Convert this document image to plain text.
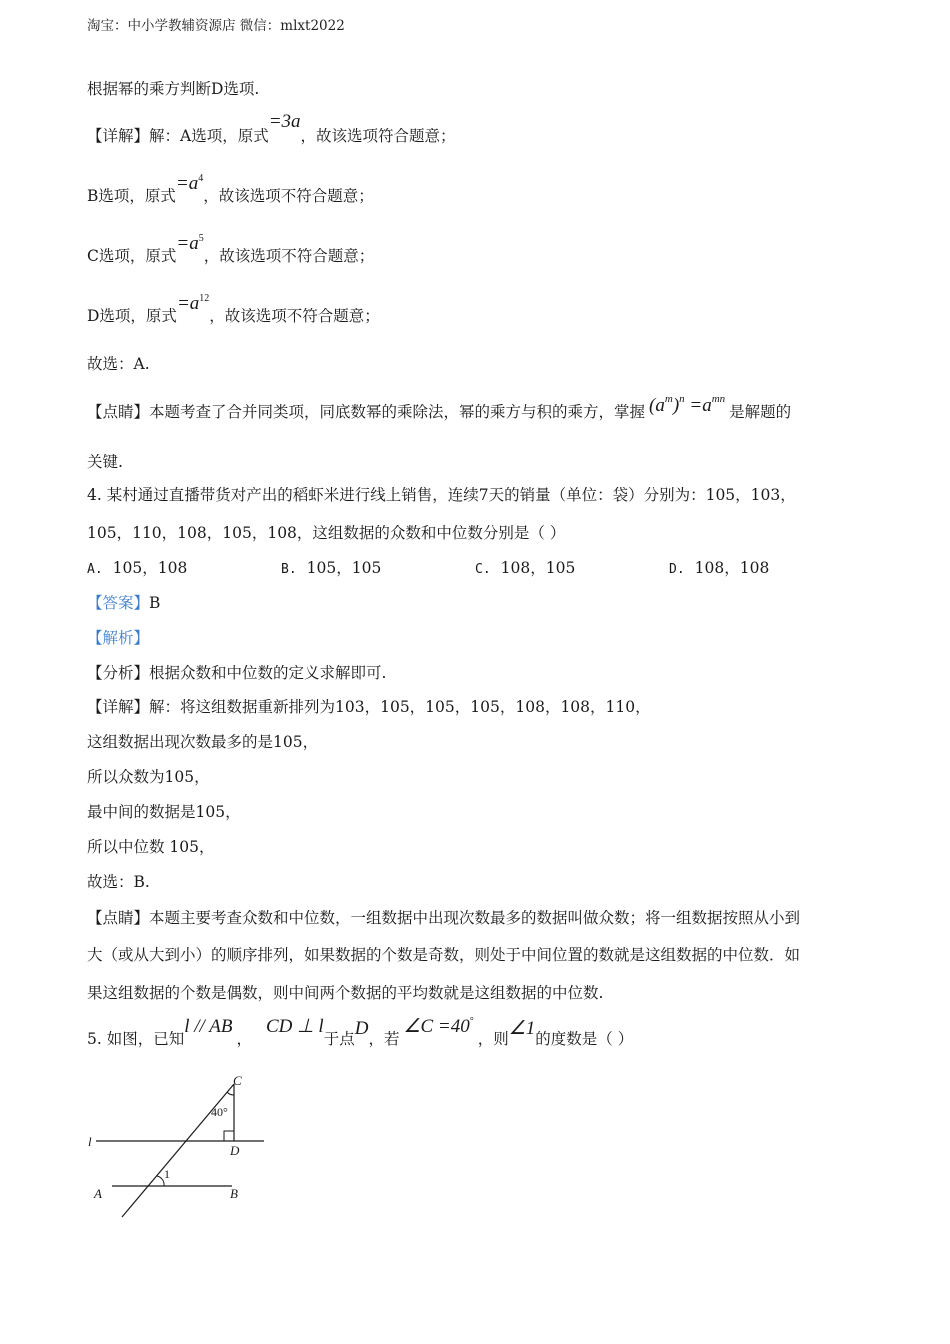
淘宝：中小学教辅资源店 微信：mlxt2022
根据幂的乘方判断D选项.
【详解】解：A选项，原式=3a，故该选项符合题意；
B选项，原式$=a^4$，故该选项不符合题意；
C选项，原式$=a^5$，故该选项不符合题意；
D选项，原式$=a^{12}$，故该选项不符合题意；
故选：A.
【点睛】本题考查了合并同类项，同底数幂的乘除法，幂的乘方与积的乘方，掌握 $(a^m)^n =a^{mn}$是解题的
关键.
4. 某村通过直播带货对产出的稻虾米进行线上销售，连续7天的销量（单位：袋）分别为：105，103，
105，110，108，105，108，这组数据的众数和中位数分别是（ ）
A. 105，108	B. 105，105	C. 108，105	D. 108，108
【答案】B
【解析】
【分析】根据众数和中位数的定义求解即可.
【详解】解：将这组数据重新排列为103，105，105，105，108，108，110，
这组数据出现次数最多的是105，
所以众数为105，
最中间的数据是105，
所以中位数 105，
故选：B.
【点睛】本题主要考查众数和中位数，一组数据中出现次数最多的数据叫做众数；将一组数据按照从小到
大（或从大到小）的顺序排列，如果数据的个数是奇数，则处于中间位置的数就是这组数据的中位数．如
果这组数据的个数是偶数，则中间两个数据的平均数就是这组数据的中位数.
5. 如图，已知l // AB，CD ⊥ l于点D，若∠C =40°，则∠1的度数是（ ）
C
40°
l
D
1
A	B
